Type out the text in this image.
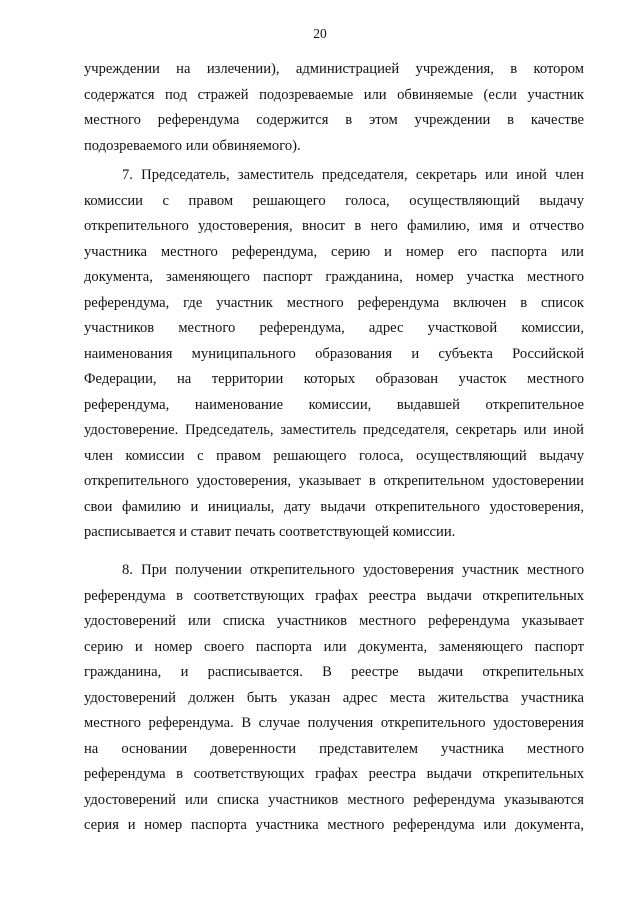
20
учреждении на излечении), администрацией учреждения, в котором
содержатся под стражей подозреваемые или обвиняемые (если участник
местного референдума содержится в этом учреждении в качестве
подозреваемого или обвиняемого).
7. Председатель, заместитель председателя, секретарь или иной член
комиссии с правом решающего голоса, осуществляющий выдачу
открепительного удостоверения, вносит в него фамилию, имя и отчество
участника местного референдума, серию и номер его паспорта или
документа, заменяющего паспорт гражданина, номер участка местного
референдума, где участник местного референдума включен в список
участников местного референдума, адрес участковой комиссии,
наименования муниципального образования и субъекта Российской
Федерации, на территории которых образован участок местного
референдума, наименование комиссии, выдавшей открепительное
удостоверение. Председатель, заместитель председателя, секретарь или иной
член комиссии с правом решающего голоса, осуществляющий выдачу
открепительного удостоверения, указывает в открепительном удостоверении
свои фамилию и инициалы, дату выдачи открепительного удостоверения,
расписывается и ставит печать соответствующей комиссии.
8. При получении открепительного удостоверения участник местного
референдума в соответствующих графах реестра выдачи открепительных
удостоверений или списка участников местного референдума указывает
серию и номер своего паспорта или документа, заменяющего паспорт
гражданина, и расписывается. В реестре выдачи открепительных
удостоверений должен быть указан адрес места жительства участника
местного референдума. В случае получения открепительного удостоверения
на основании доверенности представителем участника местного
референдума в соответствующих графах реестра выдачи открепительных
удостоверений или списка участников местного референдума указываются
серия и номер паспорта участника местного референдума или документа,
